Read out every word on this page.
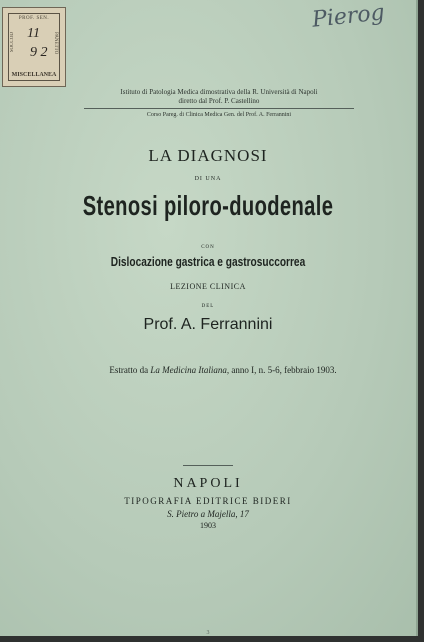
PROF. SEN.
SOCCOD	PANETTO
11
9 2
MISCELLANEA
Pierog
Istituto di Patologia Medica dimostrativa della R. Università di Napoli
diretto dal Prof. P. Castellino
Corso Pareg. di Clinica Medica Gen. del Prof. A. Ferrannini
LA DIAGNOSI
DI UNA
Stenosi piloro-duodenale
CON
Dislocazione gastrica e gastrosuccorrea
LEZIONE CLINICA
DEL
Prof. A. Ferrannini
Estratto da La Medicina Italiana, anno I, n. 5-6, febbraio 1903.
NAPOLI
TIPOGRAFIA EDITRICE BIDERI
S. Pietro a Majella, 17
1903
3
